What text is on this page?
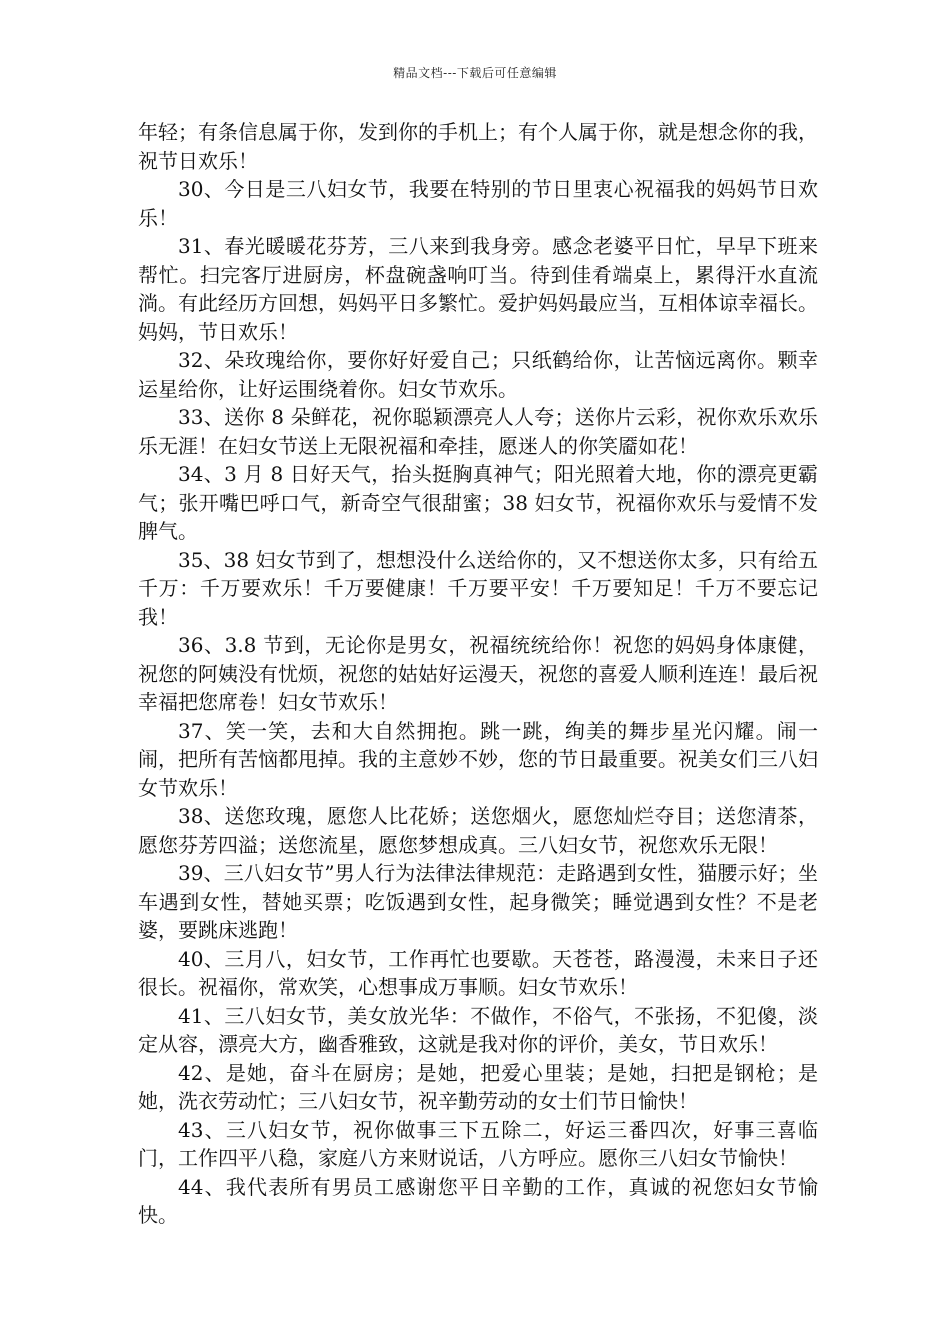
精品文档---下载后可任意编辑

年轻；有条信息属于你，发到你的手机上；有个人属于你，就是想念你的我，祝节日欢乐！

30、今日是三八妇女节，我要在特别的节日里衷心祝福我的妈妈节日欢乐！

31、春光暖暖花芬芳，三八来到我身旁。感念老婆平日忙，早早下班来帮忙。扫完客厅进厨房，杯盘碗盏响叮当。待到佳肴端桌上，累得汗水直流淌。有此经历方回想，妈妈平日多繁忙。爱护妈妈最应当，互相体谅幸福长。妈妈，节日欢乐！

32、朵玫瑰给你，要你好好爱自己；只纸鹤给你，让苦恼远离你。颗幸运星给你，让好运围绕着你。妇女节欢乐。

33、送你 8 朵鲜花，祝你聪颖漂亮人人夸；送你片云彩，祝你欢乐欢乐乐无涯！在妇女节送上无限祝福和牵挂，愿迷人的你笑靥如花！

34、3 月 8 日好天气，抬头挺胸真神气；阳光照着大地，你的漂亮更霸气；张开嘴巴呼口气，新奇空气很甜蜜；38 妇女节，祝福你欢乐与爱情不发脾气。

35、38 妇女节到了，想想没什么送给你的，又不想送你太多，只有给五千万：千万要欢乐！千万要健康！千万要平安！千万要知足！千万不要忘记我！

36、3.8 节到，无论你是男女，祝福统统给你！祝您的妈妈身体康健，祝您的阿姨没有忧烦，祝您的姑姑好运漫天，祝您的喜爱人顺利连连！最后祝幸福把您席卷！妇女节欢乐！

37、笑一笑，去和大自然拥抱。跳一跳，绚美的舞步星光闪耀。闹一闹，把所有苦恼都甩掉。我的主意妙不妙，您的节日最重要。祝美女们三八妇女节欢乐！

38、送您玫瑰，愿您人比花娇；送您烟火，愿您灿烂夺目；送您清茶，愿您芬芳四溢；送您流星，愿您梦想成真。三八妇女节，祝您欢乐无限！

39、三八妇女节”男人行为法律法律规范：走路遇到女性，猫腰示好；坐车遇到女性，替她买票；吃饭遇到女性，起身微笑；睡觉遇到女性？不是老婆，要跳床逃跑！

40、三月八，妇女节，工作再忙也要歇。天苍苍，路漫漫，未来日子还很长。祝福你，常欢笑，心想事成万事顺。妇女节欢乐！

41、三八妇女节，美女放光华：不做作，不俗气，不张扬，不犯傻，淡定从容，漂亮大方，幽香雅致，这就是我对你的评价，美女，节日欢乐！

42、是她，奋斗在厨房；是她，把爱心里装；是她，扫把是钢枪；是她，洗衣劳动忙；三八妇女节，祝辛勤劳动的女士们节日愉快！

43、三八妇女节，祝你做事三下五除二，好运三番四次，好事三喜临门，工作四平八稳，家庭八方来财说话，八方呼应。愿你三八妇女节愉快！

44、我代表所有男员工感谢您平日辛勤的工作，真诚的祝您妇女节愉快。
